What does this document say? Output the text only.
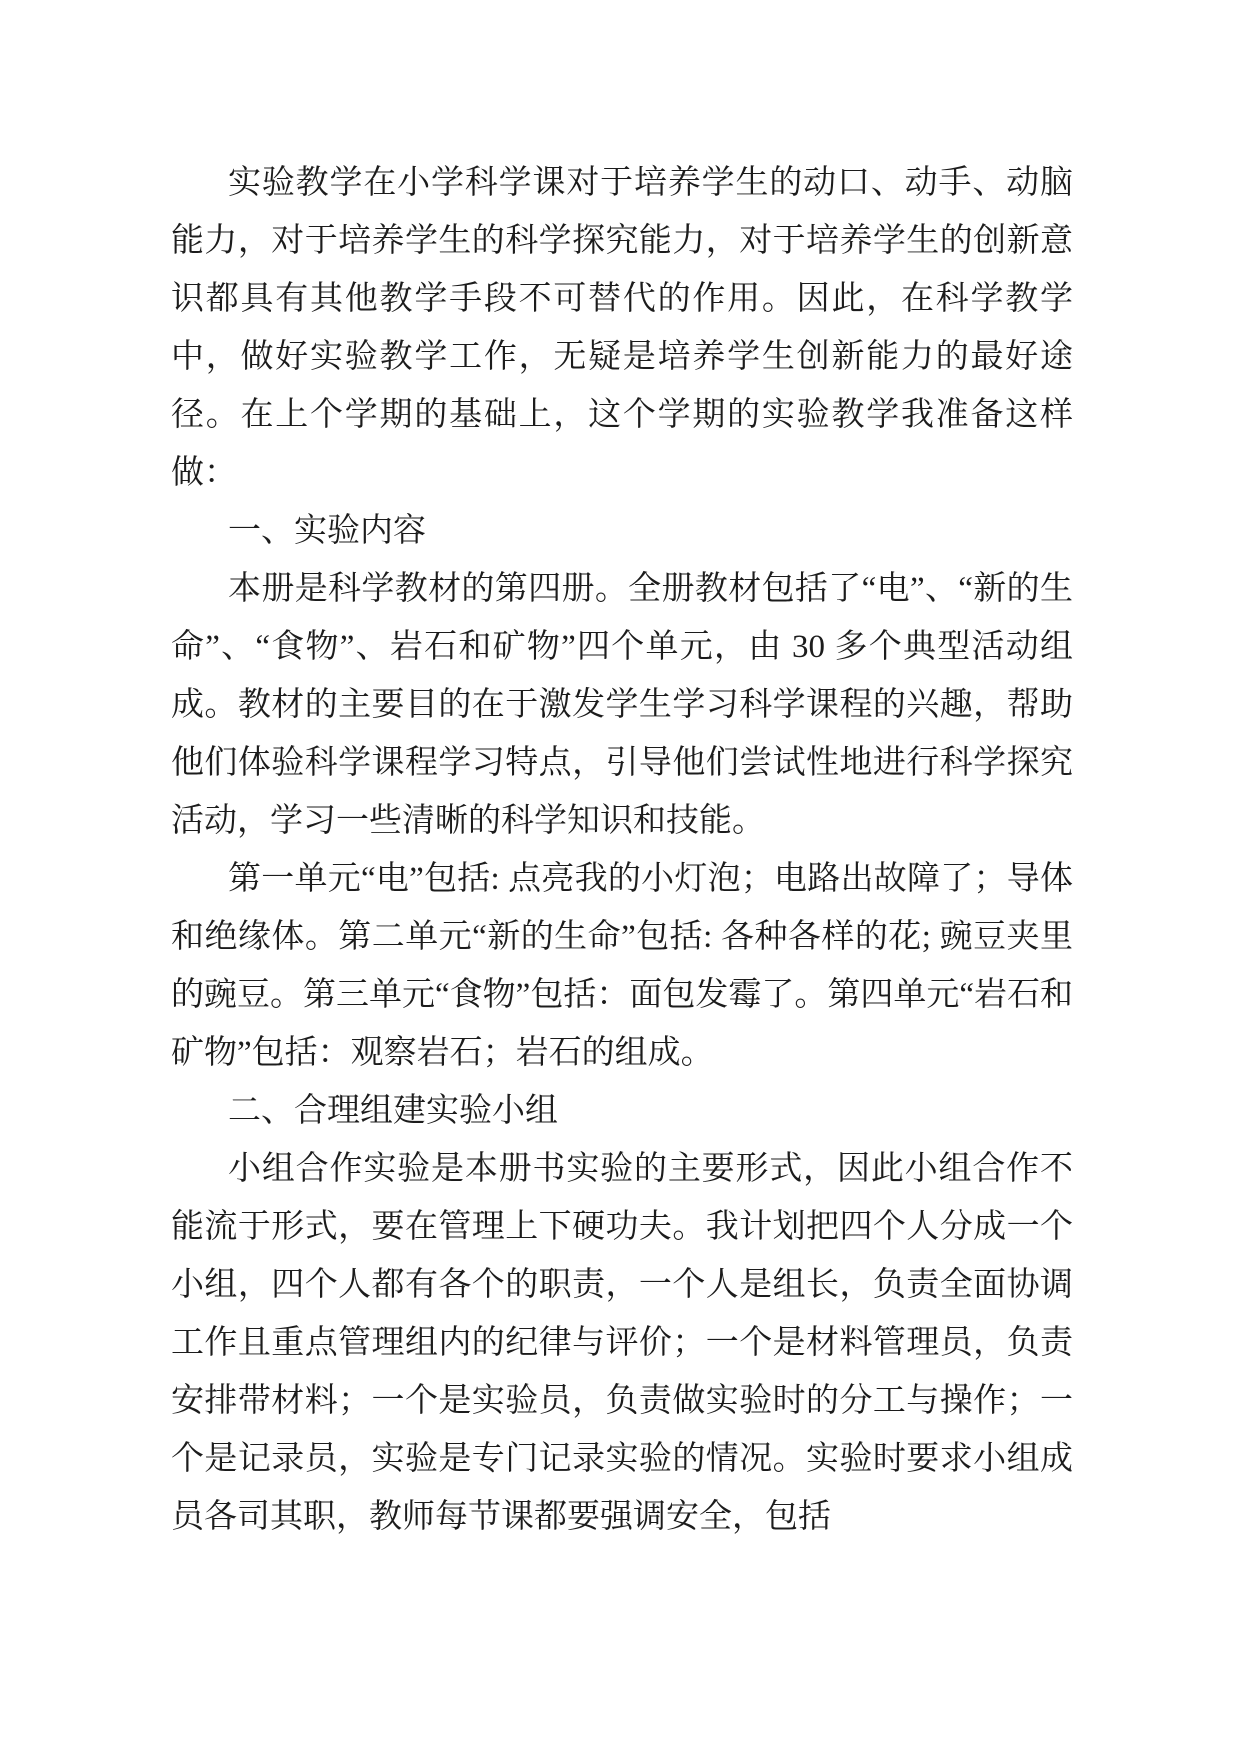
实验教学在小学科学课对于培养学生的动口、动手、动脑能力，对于培养学生的科学探究能力，对于培养学生的创新意识都具有其他教学手段不可替代的作用。因此，在科学教学中，做好实验教学工作，无疑是培养学生创新能力的最好途径。在上个学期的基础上，这个学期的实验教学我准备这样做：

一、实验内容

本册是科学教材的第四册。全册教材包括了“电”、“新的生命”、“食物”、岩石和矿物”四个单元，由 30 多个典型活动组成。教材的主要目的在于激发学生学习科学课程的兴趣，帮助他们体验科学课程学习特点，引导他们尝试性地进行科学探究活动，学习一些清晰的科学知识和技能。

第一单元“电”包括: 点亮我的小灯泡；电路出故障了；导体和绝缘体。第二单元“新的生命”包括: 各种各样的花; 豌豆夹里的豌豆。第三单元“食物”包括：面包发霉了。第四单元“岩石和矿物”包括：观察岩石；岩石的组成。

二、合理组建实验小组

小组合作实验是本册书实验的主要形式，因此小组合作不能流于形式，要在管理上下硬功夫。我计划把四个人分成一个小组，四个人都有各个的职责，一个人是组长，负责全面协调工作且重点管理组内的纪律与评价；一个是材料管理员，负责安排带材料；一个是实验员，负责做实验时的分工与操作；一个是记录员，实验是专门记录实验的情况。实验时要求小组成员各司其职，教师每节课都要强调安全，包括
